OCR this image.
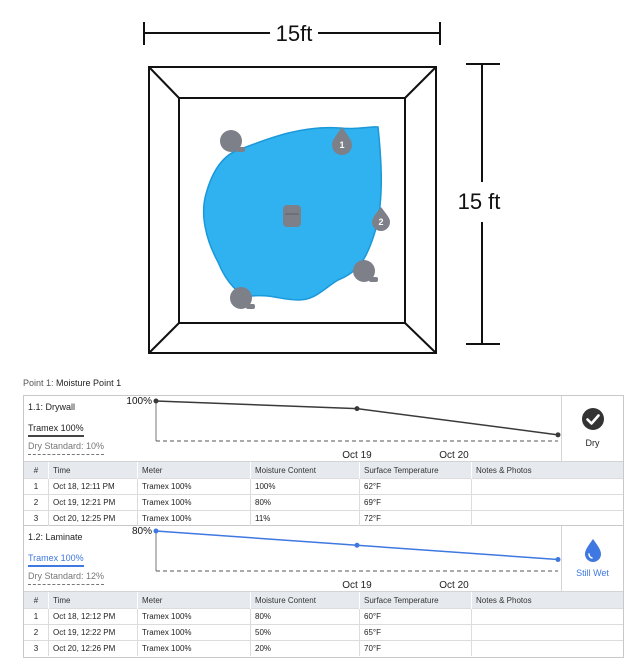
15ft
15 ft
1
2
Point 1: Moisture Point 1
1.1: Drywall
Tramex 100%
Dry Standard: 10%
100%
Oct 19	Oct 20
Dry
#	Time	Meter	Moisture Content	Surface Temperature	Notes & Photos
1	Oct 18, 12:11 PM	Tramex 100%	100%	62°F	
2	Oct 19, 12:21 PM	Tramex 100%	80%	69°F	
3	Oct 20, 12:25 PM	Tramex 100%	11%	72°F	
1.2: Laminate
Tramex 100%
Dry Standard: 12%
80%
Oct 19	Oct 20
Still Wet
#	Time	Meter	Moisture Content	Surface Temperature	Notes & Photos
1	Oct 18, 12:12 PM	Tramex 100%	80%	60°F	
2	Oct 19, 12:22 PM	Tramex 100%	50%	65°F	
3	Oct 20, 12:26 PM	Tramex 100%	20%	70°F	
